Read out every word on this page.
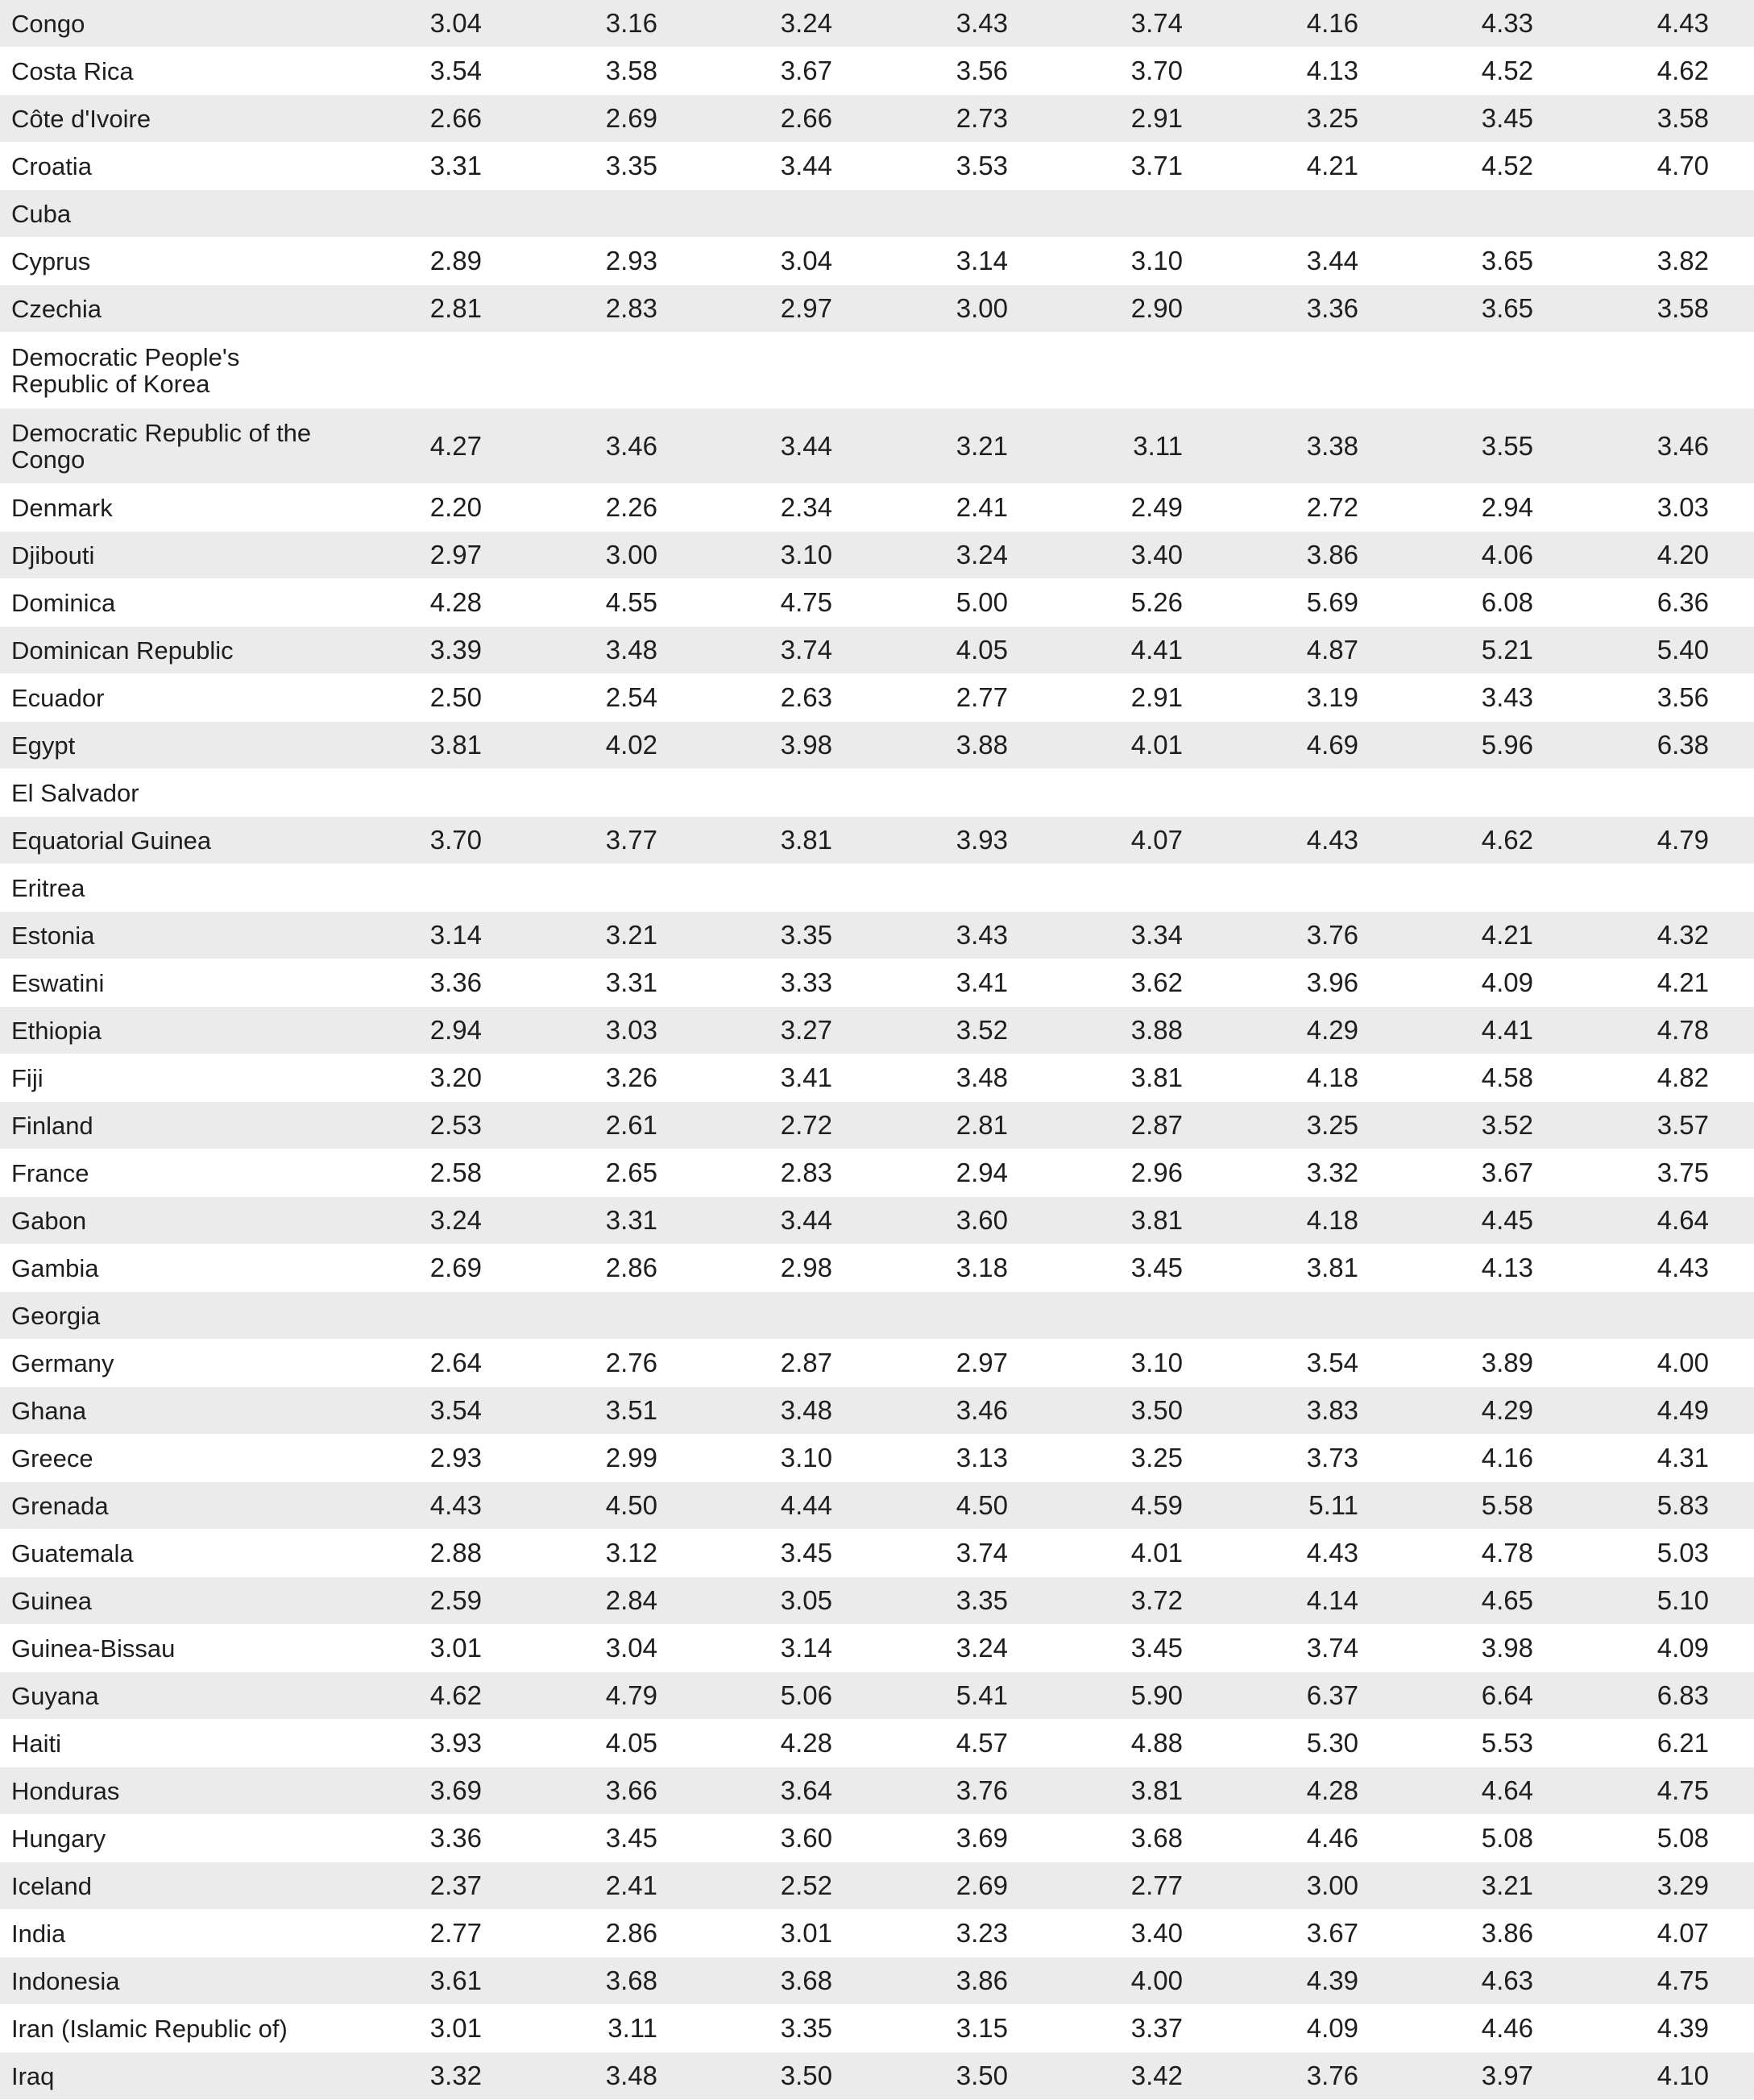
Congo	3.04	3.16	3.24	3.43	3.74	4.16	4.33	4.43
Costa Rica	3.54	3.58	3.67	3.56	3.70	4.13	4.52	4.62
Côte d'Ivoire	2.66	2.69	2.66	2.73	2.91	3.25	3.45	3.58
Croatia	3.31	3.35	3.44	3.53	3.71	4.21	4.52	4.70
Cuba
Cyprus	2.89	2.93	3.04	3.14	3.10	3.44	3.65	3.82
Czechia	2.81	2.83	2.97	3.00	2.90	3.36	3.65	3.58
Democratic People's Republic of Korea
Democratic Republic of the Congo	4.27	3.46	3.44	3.21	3.11	3.38	3.55	3.46
Denmark	2.20	2.26	2.34	2.41	2.49	2.72	2.94	3.03
Djibouti	2.97	3.00	3.10	3.24	3.40	3.86	4.06	4.20
Dominica	4.28	4.55	4.75	5.00	5.26	5.69	6.08	6.36
Dominican Republic	3.39	3.48	3.74	4.05	4.41	4.87	5.21	5.40
Ecuador	2.50	2.54	2.63	2.77	2.91	3.19	3.43	3.56
Egypt	3.81	4.02	3.98	3.88	4.01	4.69	5.96	6.38
El Salvador
Equatorial Guinea	3.70	3.77	3.81	3.93	4.07	4.43	4.62	4.79
Eritrea
Estonia	3.14	3.21	3.35	3.43	3.34	3.76	4.21	4.32
Eswatini	3.36	3.31	3.33	3.41	3.62	3.96	4.09	4.21
Ethiopia	2.94	3.03	3.27	3.52	3.88	4.29	4.41	4.78
Fiji	3.20	3.26	3.41	3.48	3.81	4.18	4.58	4.82
Finland	2.53	2.61	2.72	2.81	2.87	3.25	3.52	3.57
France	2.58	2.65	2.83	2.94	2.96	3.32	3.67	3.75
Gabon	3.24	3.31	3.44	3.60	3.81	4.18	4.45	4.64
Gambia	2.69	2.86	2.98	3.18	3.45	3.81	4.13	4.43
Georgia
Germany	2.64	2.76	2.87	2.97	3.10	3.54	3.89	4.00
Ghana	3.54	3.51	3.48	3.46	3.50	3.83	4.29	4.49
Greece	2.93	2.99	3.10	3.13	3.25	3.73	4.16	4.31
Grenada	4.43	4.50	4.44	4.50	4.59	5.11	5.58	5.83
Guatemala	2.88	3.12	3.45	3.74	4.01	4.43	4.78	5.03
Guinea	2.59	2.84	3.05	3.35	3.72	4.14	4.65	5.10
Guinea-Bissau	3.01	3.04	3.14	3.24	3.45	3.74	3.98	4.09
Guyana	4.62	4.79	5.06	5.41	5.90	6.37	6.64	6.83
Haiti	3.93	4.05	4.28	4.57	4.88	5.30	5.53	6.21
Honduras	3.69	3.66	3.64	3.76	3.81	4.28	4.64	4.75
Hungary	3.36	3.45	3.60	3.69	3.68	4.46	5.08	5.08
Iceland	2.37	2.41	2.52	2.69	2.77	3.00	3.21	3.29
India	2.77	2.86	3.01	3.23	3.40	3.67	3.86	4.07
Indonesia	3.61	3.68	3.68	3.86	4.00	4.39	4.63	4.75
Iran (Islamic Republic of)	3.01	3.11	3.35	3.15	3.37	4.09	4.46	4.39
Iraq	3.32	3.48	3.50	3.50	3.42	3.76	3.97	4.10
